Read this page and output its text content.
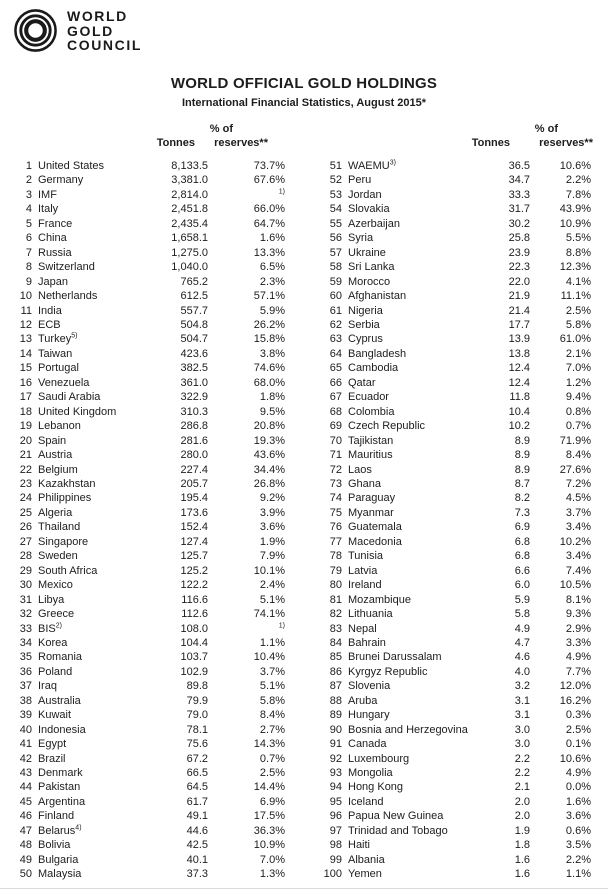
WORLD
GOLD
COUNCIL
WORLD OFFICIAL GOLD HOLDINGS
International Financial Statistics, August 2015*
% of
Tonnes reserves**
% of
Tonnes	reserves**
1	United States	8,133.5	73.7%
2	Germany	3,381.0	67.6%
3	IMF	2,814.0	$^{1)}$
4	Italy	2,451.8	66.0%
5	France	2,435.4	64.7%
6	China	1,658.1	1.6%
7	Russia	1,275.0	13.3%
8	Switzerland	1,040.0	6.5%
9	Japan	765.2	2.3%
10	Netherlands	612.5	57.1%
11	India	557.7	5.9%
12	ECB	504.8	26.2%
13	Turkey$^{5)}$	504.7	15.8%
14	Taiwan	423.6	3.8%
15	Portugal	382.5	74.6%
16	Venezuela	361.0	68.0%
17	Saudi Arabia	322.9	1.8%
18	United Kingdom	310.3	9.5%
19	Lebanon	286.8	20.8%
20	Spain	281.6	19.3%
21	Austria	280.0	43.6%
22	Belgium	227.4	34.4%
23	Kazakhstan	205.7	26.8%
24	Philippines	195.4	9.2%
25	Algeria	173.6	3.9%
26	Thailand	152.4	3.6%
27	Singapore	127.4	1.9%
28	Sweden	125.7	7.9%
29	South Africa	125.2	10.1%
30	Mexico	122.2	2.4%
31	Libya	116.6	5.1%
32	Greece	112.6	74.1%
33	BIS$^{2)}$	108.0	$^{1)}$
34	Korea	104.4	1.1%
35	Romania	103.7	10.4%
36	Poland	102.9	3.7%
37	Iraq	89.8	5.1%
38	Australia	79.9	5.8%
39	Kuwait	79.0	8.4%
40	Indonesia	78.1	2.7%
41	Egypt	75.6	14.3%
42	Brazil	67.2	0.7%
43	Denmark	66.5	2.5%
44	Pakistan	64.5	14.4%
45	Argentina	61.7	6.9%
46	Finland	49.1	17.5%
47	Belarus$^{4)}$	44.6	36.3%
48	Bolivia	42.5	10.9%
49	Bulgaria	40.1	7.0%
50	Malaysia	37.3	1.3%
51	WAEMU$^{3)}$	36.5	10.6%
52	Peru	34.7	2.2%
53	Jordan	33.3	7.8%
54	Slovakia	31.7	43.9%
55	Azerbaijan	30.2	10.9%
56	Syria	25.8	5.5%
57	Ukraine	23.9	8.8%
58	Sri Lanka	22.3	12.3%
59	Morocco	22.0	4.1%
60	Afghanistan	21.9	11.1%
61	Nigeria	21.4	2.5%
62	Serbia	17.7	5.8%
63	Cyprus	13.9	61.0%
64	Bangladesh	13.8	2.1%
65	Cambodia	12.4	7.0%
66	Qatar	12.4	1.2%
67	Ecuador	11.8	9.4%
68	Colombia	10.4	0.8%
69	Czech Republic	10.2	0.7%
70	Tajikistan	8.9	71.9%
71	Mauritius	8.9	8.4%
72	Laos	8.9	27.6%
73	Ghana	8.7	7.2%
74	Paraguay	8.2	4.5%
75	Myanmar	7.3	3.7%
76	Guatemala	6.9	3.4%
77	Macedonia	6.8	10.2%
78	Tunisia	6.8	3.4%
79	Latvia	6.6	7.4%
80	Ireland	6.0	10.5%
81	Mozambique	5.9	8.1%
82	Lithuania	5.8	9.3%
83	Nepal	4.9	2.9%
84	Bahrain	4.7	3.3%
85	Brunei Darussalam	4.6	4.9%
86	Kyrgyz Republic	4.0	7.7%
87	Slovenia	3.2	12.0%
88	Aruba	3.1	16.2%
89	Hungary	3.1	0.3%
90	Bosnia and Herzegovina	3.0	2.5%
91	Canada	3.0	0.1%
92	Luxembourg	2.2	10.6%
93	Mongolia	2.2	4.9%
94	Hong Kong	2.1	0.0%
95	Iceland	2.0	1.6%
96	Papua New Guinea	2.0	3.6%
97	Trinidad and Tobago	1.9	0.6%
98	Haiti	1.8	3.5%
99	Albania	1.6	2.2%
100	Yemen	1.6	1.1%
